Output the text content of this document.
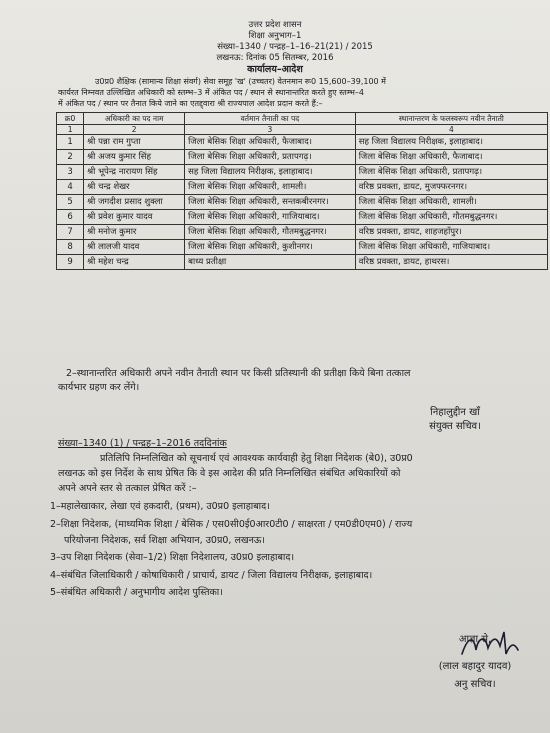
उत्तर प्रदेश शासन
शिक्षा अनुभाग–1
संख्या–1340 / पन्द्रह–1–16–21(21) / 2015
लखनऊ: दिनांक 05 सितम्बर, 2016
कार्यालय–आदेश
उ0प्र0 शैक्षिक (सामान्य शिक्षा संवर्ग) सेवा समूह 'ख' (उच्चतर) वेतनमान रू0 15,600–39,100 में
कार्यरत निम्नवत उल्लिखित अधिकारी को स्तम्भ–3 में अंकित पद / स्थान से स्थानान्तरित करते हुए स्तम्भ–4
में अंकित पद / स्थान पर तैनात किये जाने का एतद्द्वारा श्री राज्यपाल आदेश प्रदान करते हैं:–
क्र0	अधिकारी का पद नाम	वर्तमान तैनाती का पद	स्थानान्तरण के फलस्वरूप नवीन तैनाती
1	2	3	4
1	श्री पन्ना राम गुप्ता	जिला बेसिक शिक्षा अधिकारी, फैजाबाद।	सह जिला विद्यालय निरीक्षक, इलाहाबाद।
2	श्री अजय कुमार सिंह	जिला बेसिक शिक्षा अधिकारी, प्रतापगढ़।	जिला बेसिक शिक्षा अधिकारी, फैजाबाद।
3	श्री भूपेन्द्र नारायण सिंह	सह जिला विद्यालय निरीक्षक, इलाहाबाद।	जिला बेसिक शिक्षा अधिकारी, प्रतापगढ़।
4	श्री चन्द्र शेखर	जिला बेसिक शिक्षा अधिकारी, शामली।	वरिष्ठ प्रवक्ता, डायट, मुजफ्फरनगर।
5	श्री जगदीश प्रसाद शुक्ला	जिला बेसिक शिक्षा अधिकारी, सन्तकबीरनगर।	जिला बेसिक शिक्षा अधिकारी, शामली।
6	श्री प्रवेश कुमार यादव	जिला बेसिक शिक्षा अधिकारी, गाजियाबाद।	जिला बेसिक शिक्षा अधिकारी, गौतमबुद्धनगर।
7	श्री मनोज कुमार	जिला बेसिक शिक्षा अधिकारी, गौतमबुद्धनगर।	वरिष्ठ प्रवक्ता, डायट, शाहजहाँपुर।
8	श्री लालजी यादव	जिला बेसिक शिक्षा अधिकारी, कुशीनगर।	जिला बेसिक शिक्षा अधिकारी, गाजियाबाद।
9	श्री महेश चन्द्र	बाध्य प्रतीक्षा	वरिष्ठ प्रवक्ता, डायट, हाथरस।
2–स्थानान्तरित अधिकारी अपने नवीन तैनाती स्थान पर किसी प्रतिस्थानी की प्रतीक्षा किये बिना तत्काल
कार्यभार ग्रहण कर लेंगे।
निहालुद्दीन खाँ
संयुक्त सचिव।
संख्या–1340 (1) / पन्द्रह–1–2016 तददिनांक
प्रतिलिपि निम्नलिखित को सूचनार्थ एवं आवश्यक कार्यवाही हेतु शिक्षा निदेशक (बे0), उ0प्र0
लखनऊ को इस निर्देश के साथ प्रेषित कि वे इस आदेश की प्रति निम्नलिखित संबंधित अधिकारियों को
अपने अपने स्तर से तत्काल प्रेषित करें :–
1–महालेखाकार, लेखा एवं हकदारी, (प्रथम), उ0प्र0 इलाहाबाद।
2–शिक्षा निदेशक, (माध्यमिक शिक्षा / बेसिक / एस0सी0ई0आर0टी0 / साक्षरता / एम0डी0एम0) / राज्य
परियोजना निदेशक, सर्व शिक्षा अभियान, उ0प्र0, लखनऊ।
3–उप शिक्षा निदेशक (सेवा–1/2) शिक्षा निदेशालय, उ0प्र0 इलाहाबाद।
4–संबंधित जिलाधिकारी / कोषाधिकारी / प्राचार्य, डायट / जिला विद्यालय निरीक्षक, इलाहाबाद।
5–संबंधित अधिकारी / अनुभागीय आदेश पुस्तिका।
आज्ञा से,
(लाल बहादुर यादव)
अनु सचिव।
